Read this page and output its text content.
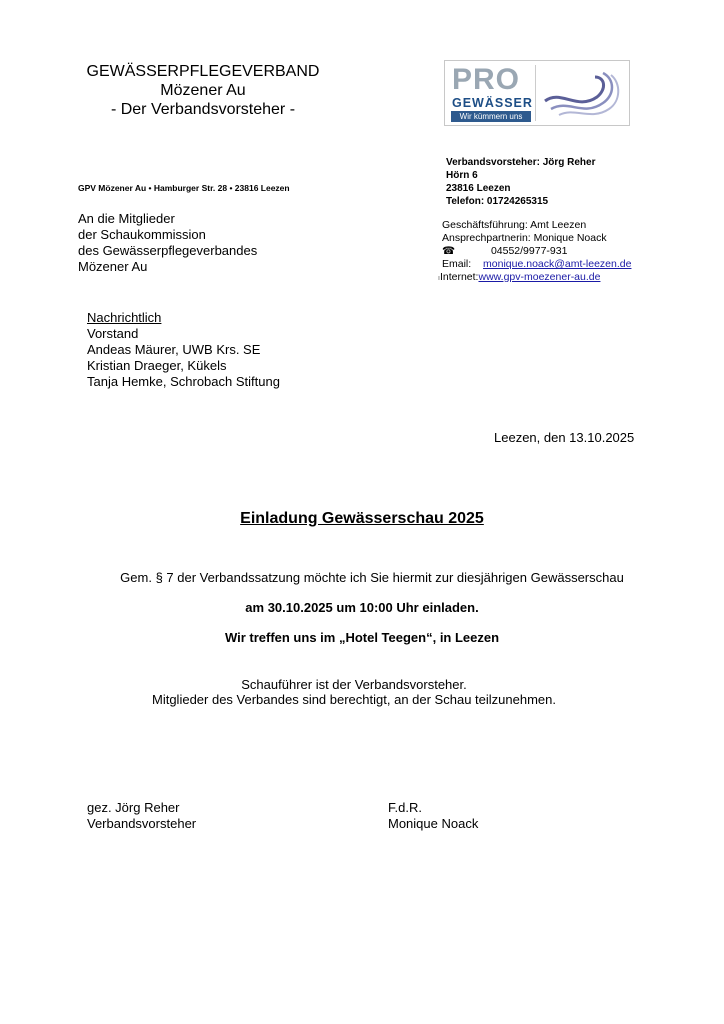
GEWÄSSERPFLEGEVERBAND
Mözener Au
- Der Verbandsvorsteher -
PRO
GEWÄSSER
Wir kümmern uns
Verbandsvorsteher: Jörg Reher
Hörn 6
23816 Leezen
Telefon: 01724265315
GPV Mözener Au • Hamburger Str. 28 • 23816 Leezen
An die Mitglieder
der Schaukommission
des Gewässerpflegeverbandes
Mözener Au
Geschäftsführung: Amt Leezen
Ansprechpartnerin: Monique Noack
☎	04552/9977-931
Email: monique.noack@amt-leezen.de
ıInternet:www.gpv-moezener-au.de
Nachrichtlich
Vorstand
Andeas Mäurer, UWB Krs. SE
Kristian Draeger, Kükels
Tanja Hemke, Schrobach Stiftung
Leezen, den 13.10.2025
Einladung Gewässerschau 2025
Gem. § 7 der Verbandssatzung möchte ich Sie hiermit zur diesjährigen Gewässerschau
am 30.10.2025 um 10:00 Uhr einladen.
Wir treffen uns im „Hotel Teegen“, in Leezen
Schauführer ist der Verbandsvorsteher.
Mitglieder des Verbandes sind berechtigt, an der Schau teilzunehmen.
gez. Jörg Reher
Verbandsvorsteher
F.d.R.
Monique Noack
